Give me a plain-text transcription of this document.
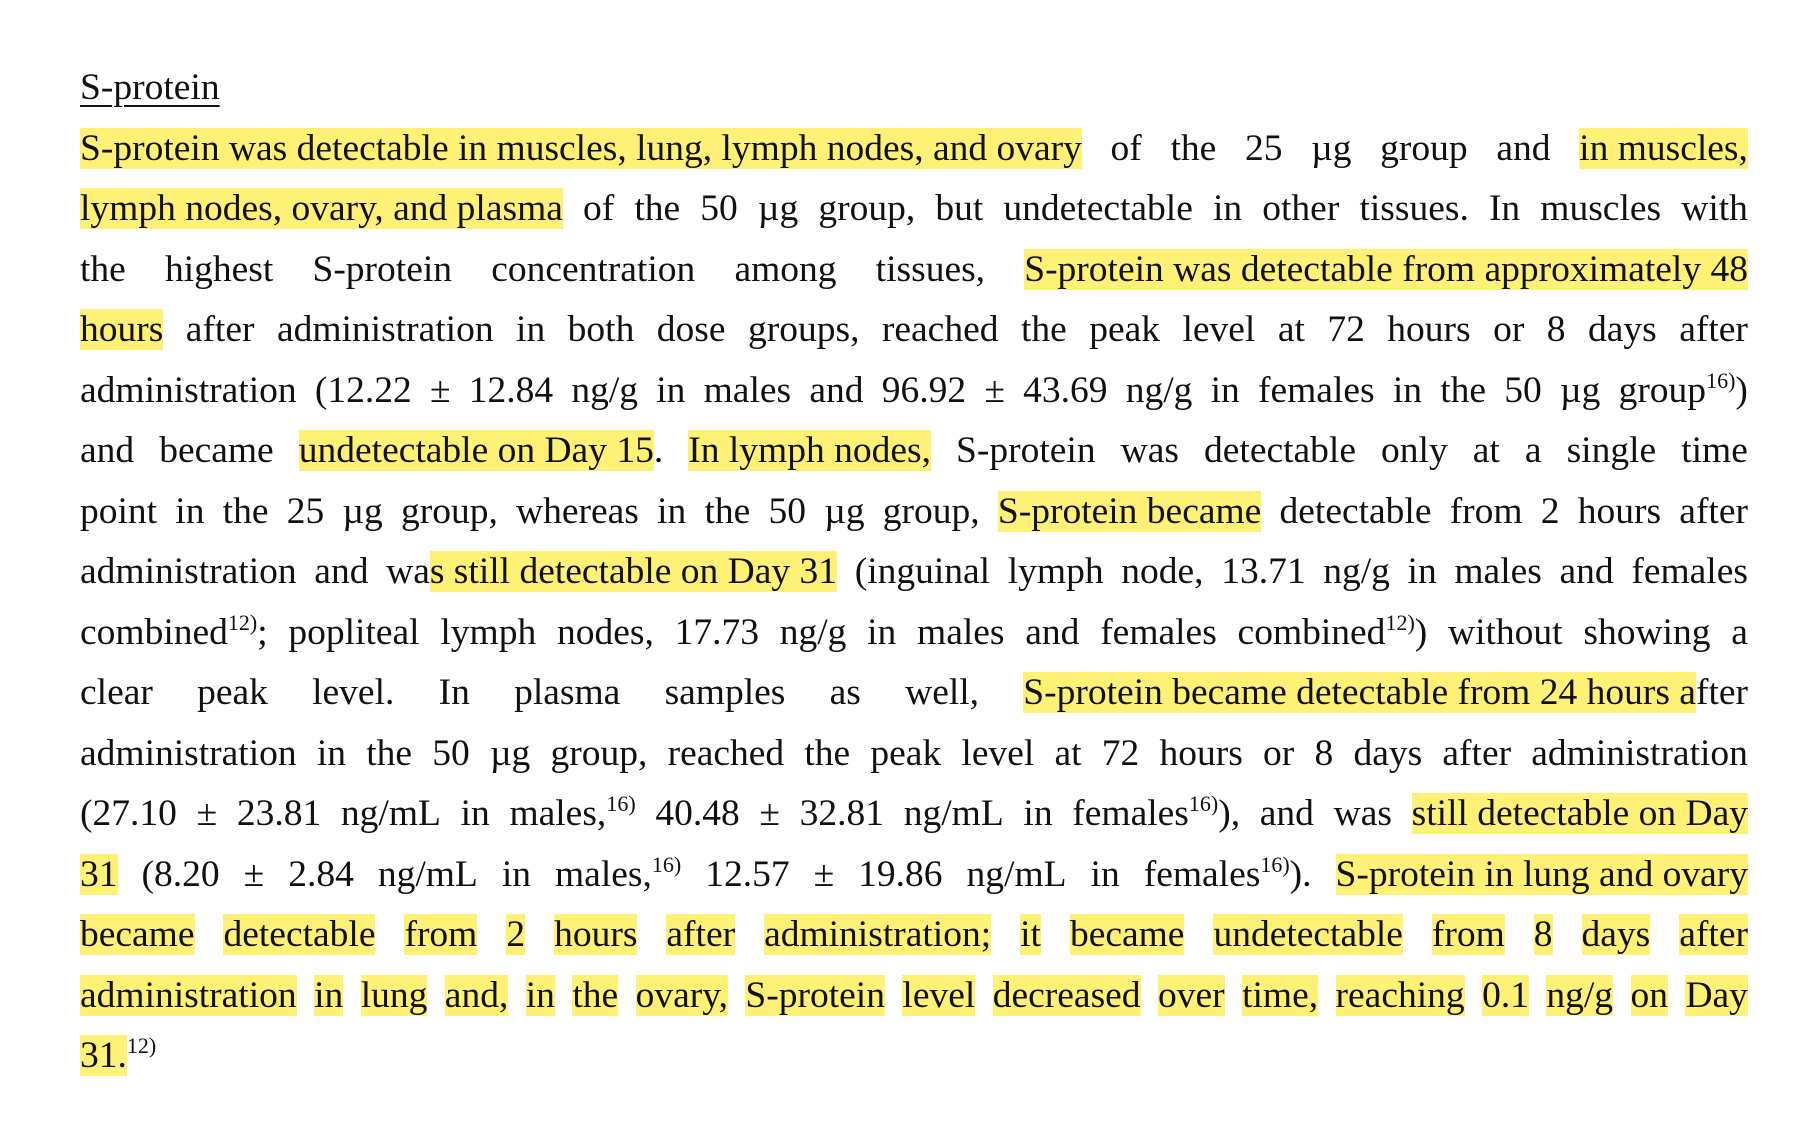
S-protein
S-protein was detectable in muscles, lung, lymph nodes, and ovary of the 25 µg group and in muscles,
lymph nodes, ovary, and plasma of the 50 µg group, but undetectable in other tissues. In muscles with
the highest S-protein concentration among tissues, S-protein was detectable from approximately 48
hours after administration in both dose groups, reached the peak level at 72 hours or 8 days after
administration (12.22 ± 12.84 ng/g in males and 96.92 ± 43.69 ng/g in females in the 50 µg group$^{16)}$)
and became undetectable on Day 15. In lymph nodes, S-protein was detectable only at a single time
point in the 25 µg group, whereas in the 50 µg group, S-protein became detectable from 2 hours after
administration and was still detectable on Day 31 (inguinal lymph node, 13.71 ng/g in males and females
combined$^{12)}$; popliteal lymph nodes, 17.73 ng/g in males and females combined$^{12)}$) without showing a
clear peak level. In plasma samples as well, S-protein became detectable from 24 hours after
administration in the 50 µg group, reached the peak level at 72 hours or 8 days after administration
(27.10 ± 23.81 ng/mL in males,$^{16)}$ 40.48 ± 32.81 ng/mL in females$^{16)}$), and was still detectable on Day
31 (8.20 ± 2.84 ng/mL in males,$^{16)}$ 12.57 ± 19.86 ng/mL in females$^{16)}$). S-protein in lung and ovary
became detectable from 2 hours after administration; it became undetectable from 8 days after
administration in lung and, in the ovary, S-protein level decreased over time, reaching 0.1 ng/g on Day
31.$^{12)}$
